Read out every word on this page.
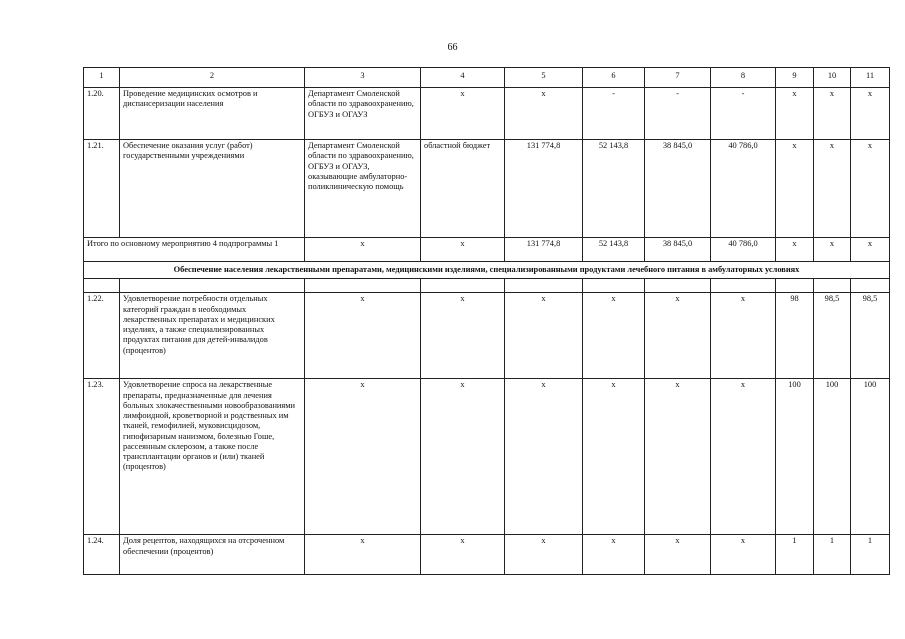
66
1	2	3	4	5	6	7	8	9	10	11
1.20.	Проведение медицинских осмотров и диспансеризации населения	Департамент Смоленской области по здравоохранению, ОГБУЗ и ОГАУЗ	х	х	-	-	-	х	х	х
1.21.	Обеспечение оказания услуг (работ) государственными учреждениями	Департамент Смоленской области по здравоохранению, ОГБУЗ и ОГАУЗ, оказывающие амбулаторно-поликлиническую помощь	областной бюджет	131 774,8	52 143,8	38 845,0	40 786,0	х	х	х
Итого по основному мероприятию 4 подпрограммы 1		х	х	131 774,8	52 143,8	38 845,0	40 786,0	х	х	х
Обеспечение населения лекарственными препаратами, медицинскими изделиями, специализированными продуктами лечебного питания в амбулаторных условиях										

1.22.	Удовлетворение потребности отдельных категорий граждан в необходимых лекарственных препаратах и медицинских изделиях, а также специализированных продуктах питания для детей-инвалидов (процентов)	х	х	х	х	х	х	98	98,5	98,5
1.23.	Удовлетворение спроса на лекарственные препараты, предназначенные для лечения больных злокачественными новообразованиями лимфоидной, кроветворной и родственных им тканей, гемофилией, муковисцидозом, гипофизарным нанизмом, болезнью Гоше, рассеянным склерозом, а также после трансплантации органов и (или) тканей (процентов)	х	х	х	х	х	х	100	100	100
1.24.	Доля рецептов, находящихся на отсроченном обеспечении (процентов)	х	х	х	х	х	х	1	1	1
